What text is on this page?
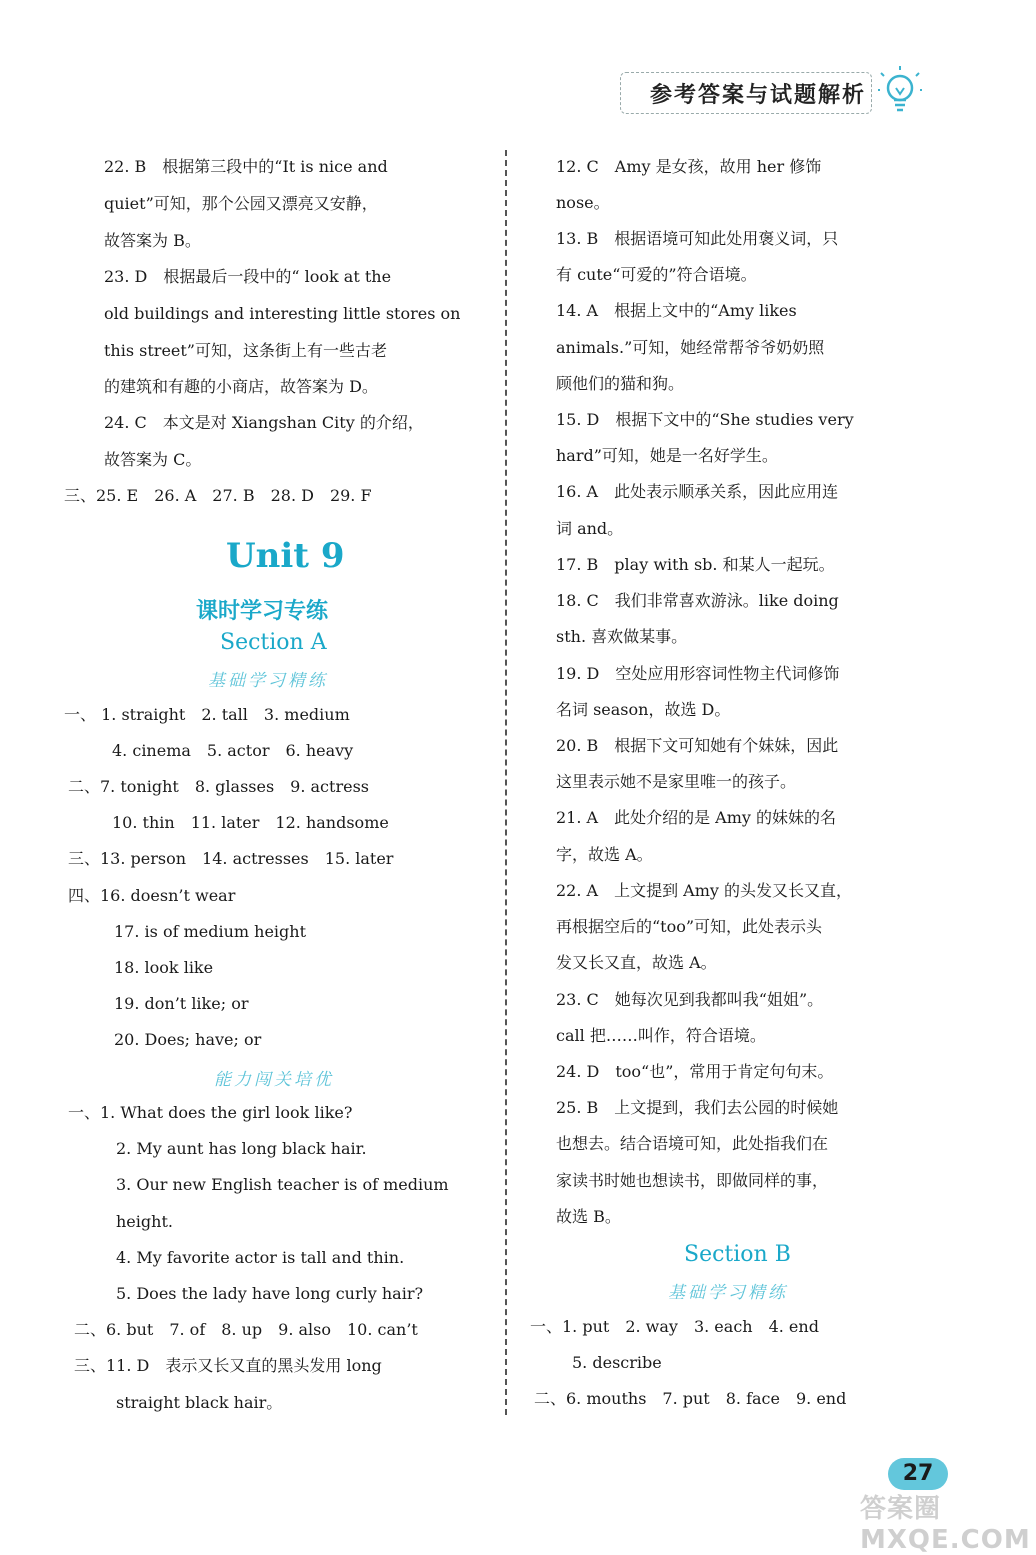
参考答案与试题解析
22. B　根据第三段中的“It is nice and
quiet”可知，那个公园又漂亮又安静，
故答案为 B。
23. D　根据最后一段中的“ look at the
old buildings and interesting little stores on
this street”可知，这条街上有一些古老
的建筑和有趣的小商店，故答案为 D。
24. C　本文是对 Xiangshan City 的介绍，
故答案为 C。
三、25. E　26. A　27. B　28. D　29. F
Unit 9
课时学习专练
Section A
基础学习精练
一、 1. straight　2. tall　3. medium
4. cinema　5. actor　6. heavy
二、7. tonight　8. glasses　9. actress
10. thin　11. later　12. handsome
三、13. person　14. actresses　15. later
四、16. doesn’t wear
17. is of medium height
18. look like
19. don’t like; or
20. Does; have; or
能力闯关培优
一、1. What does the girl look like?
2. My aunt has long black hair.
3. Our new English teacher is of medium
height.
4. My favorite actor is tall and thin.
5. Does the lady have long curly hair?
二、6. but　7. of　8. up　9. also　10. can’t
三、11. D　表示又长又直的黑头发用 long
straight black hair。
12. C　Amy 是女孩，故用 her 修饰
nose。
13. B　根据语境可知此处用褒义词，只
有 cute“可爱的”符合语境。
14. A　根据上文中的“Amy likes
animals.”可知，她经常帮爷爷奶奶照
顾他们的猫和狗。
15. D　根据下文中的“She studies very
hard”可知，她是一名好学生。
16. A　此处表示顺承关系，因此应用连
词 and。
17. B　play with sb. 和某人一起玩。
18. C　我们非常喜欢游泳。like doing
sth. 喜欢做某事。
19. D　空处应用形容词性物主代词修饰
名词 season，故选 D。
20. B　根据下文可知她有个妹妹，因此
这里表示她不是家里唯一的孩子。
21. A　此处介绍的是 Amy 的妹妹的名
字，故选 A。
22. A　上文提到 Amy 的头发又长又直，
再根据空后的“too”可知，此处表示头
发又长又直，故选 A。
23. C　她每次见到我都叫我“姐姐”。
call 把……叫作，符合语境。
24. D　too“也”，常用于肯定句句末。
25. B　上文提到，我们去公园的时候她
也想去。结合语境可知，此处指我们在
家读书时她也想读书，即做同样的事，
故选 B。
Section B
基础学习精练
一、1. put　2. way　3. each　4. end
5. describe
二、6. mouths　7. put　8. face　9. end
27
答案圈 MXQE.COM
